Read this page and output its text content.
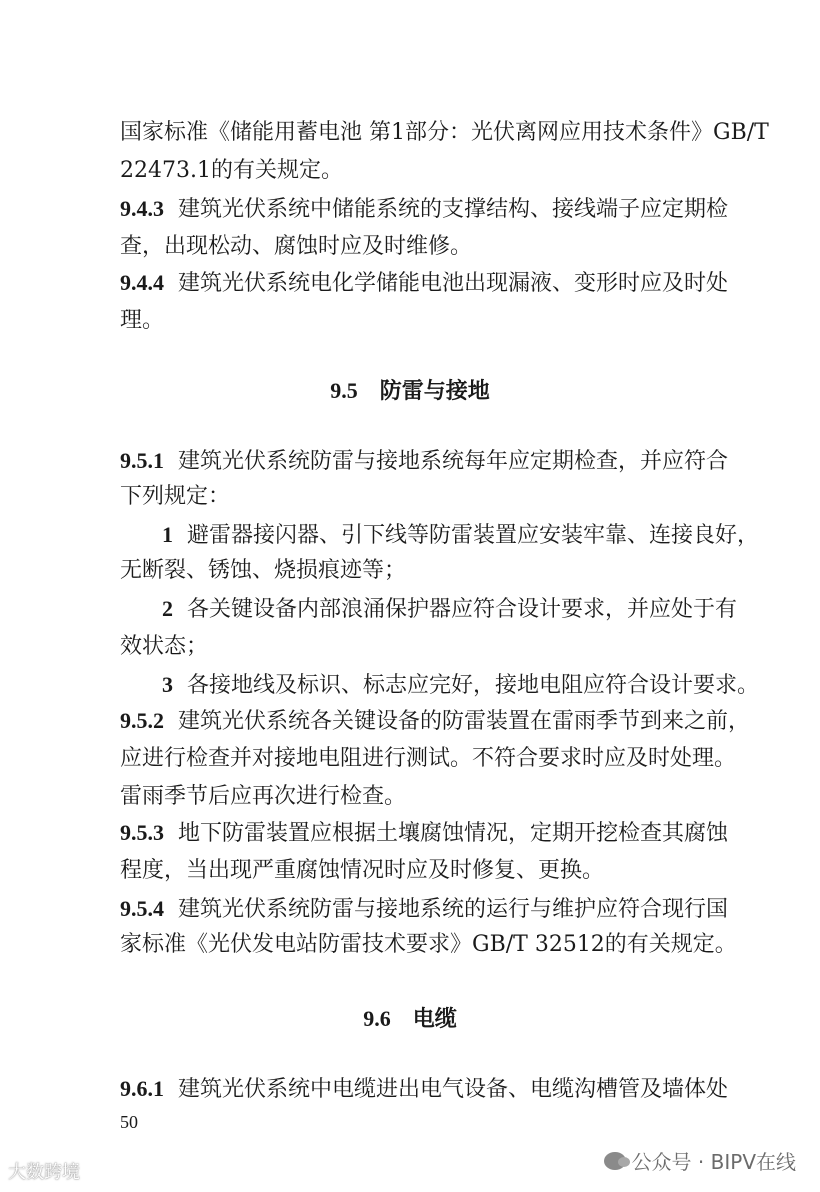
国家标准《储能用蓄电池 第1部分：光伏离网应用技术条件》GB/T
22473.1的有关规定。
9.4.3 建筑光伏系统中储能系统的支撑结构、接线端子应定期检
查，出现松动、腐蚀时应及时维修。
9.4.4 建筑光伏系统电化学储能电池出现漏液、变形时应及时处
理。
9.5 防雷与接地
9.5.1 建筑光伏系统防雷与接地系统每年应定期检查，并应符合
下列规定：
1 避雷器接闪器、引下线等防雷装置应安装牢靠、连接良好，
无断裂、锈蚀、烧损痕迹等；
2 各关键设备内部浪涌保护器应符合设计要求，并应处于有
效状态；
3 各接地线及标识、标志应完好，接地电阻应符合设计要求。
9.5.2 建筑光伏系统各关键设备的防雷装置在雷雨季节到来之前，
应进行检查并对接地电阻进行测试。不符合要求时应及时处理。
雷雨季节后应再次进行检查。
9.5.3 地下防雷装置应根据土壤腐蚀情况，定期开挖检查其腐蚀
程度，当出现严重腐蚀情况时应及时修复、更换。
9.5.4 建筑光伏系统防雷与接地系统的运行与维护应符合现行国
家标准《光伏发电站防雷技术要求》GB/T 32512的有关规定。
9.6 电缆
9.6.1 建筑光伏系统中电缆进出电气设备、电缆沟槽管及墙体处
50
公众号 · BIPV在线
大数跨境
